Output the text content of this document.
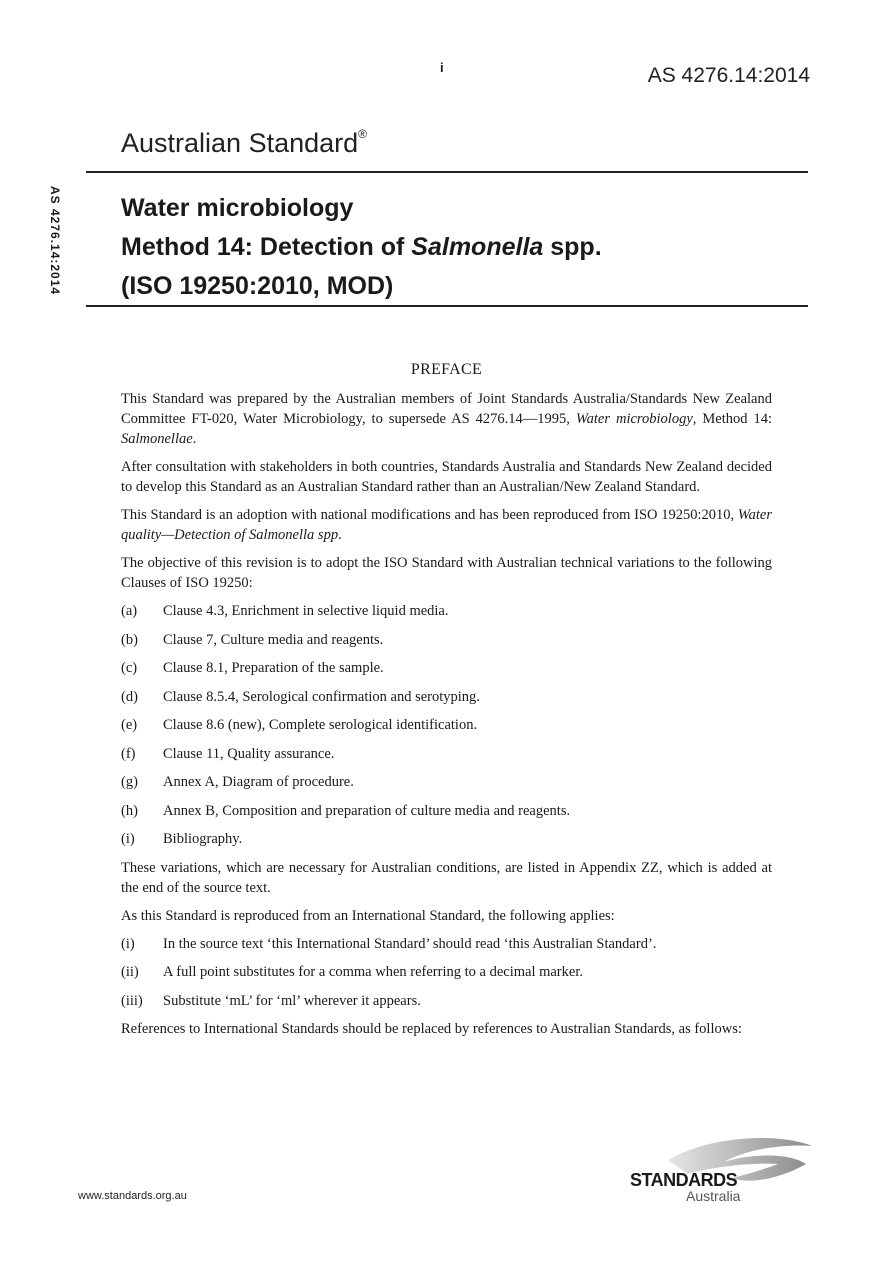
i	AS 4276.14:2014
AS 4276.14:2014
Australian Standard®
Water microbiology
Method 14: Detection of Salmonella spp.
(ISO 19250:2010, MOD)
PREFACE

This Standard was prepared by the Australian members of Joint Standards Australia/Standards New Zealand Committee FT-020, Water Microbiology, to supersede AS 4276.14—1995, Water microbiology, Method 14: Salmonellae.

After consultation with stakeholders in both countries, Standards Australia and Standards New Zealand decided to develop this Standard as an Australian Standard rather than an Australian/New Zealand Standard.

This Standard is an adoption with national modifications and has been reproduced from ISO 19250:2010, Water quality—Detection of Salmonella spp.

The objective of this revision is to adopt the ISO Standard with Australian technical variations to the following Clauses of ISO 19250:

(a)	Clause 4.3, Enrichment in selective liquid media.
(b)	Clause 7, Culture media and reagents.
(c)	Clause 8.1, Preparation of the sample.
(d)	Clause 8.5.4, Serological confirmation and serotyping.
(e)	Clause 8.6 (new), Complete serological identification.
(f)	Clause 11, Quality assurance.
(g)	Annex A, Diagram of procedure.
(h)	Annex B, Composition and preparation of culture media and reagents.
(i)	Bibliography.

These variations, which are necessary for Australian conditions, are listed in Appendix ZZ, which is added at the end of the source text.

As this Standard is reproduced from an International Standard, the following applies:

(i)	In the source text ‘this International Standard’ should read ‘this Australian Standard’.
(ii)	A full point substitutes for a comma when referring to a decimal marker.
(iii)	Substitute ‘mL’ for ‘ml’ wherever it appears.

References to International Standards should be replaced by references to Australian Standards, as follows:

www.standards.org.au
STANDARDS
Australia
